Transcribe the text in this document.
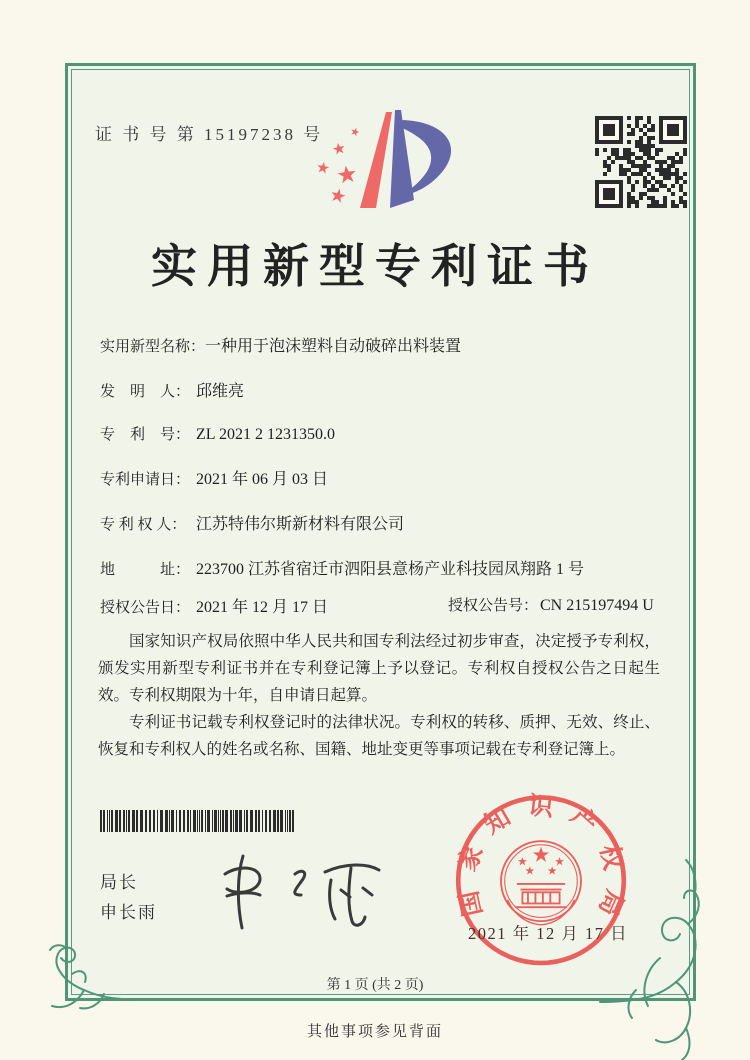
证 书 号 第 15197238 号
实用新型专利证书
实用新型名称：一种用于泡沫塑料自动破碎出料装置
发　明　人： 邱维亮
专　利　号： ZL 2021 2 1231350.0
专利申请日： 2021 年 06 月 03 日
专 利 权 人： 江苏特伟尔斯新材料有限公司
地　　　址： 223700 江苏省宿迁市泗阳县意杨产业科技园凤翔路 1 号
授权公告日： 2021 年 12 月 17 日	授权公告号： CN 215197494 U

国家知识产权局依照中华人民共和国专利法经过初步审查，决定授予专利权，颁发实用新型专利证书并在专利登记簿上予以登记。专利权自授权公告之日起生效。专利权期限为十年，自申请日起算。

专利证书记载专利权登记时的法律状况。专利权的转移、质押、无效、终止、恢复和专利权人的姓名或名称、国籍、地址变更等事项记载在专利登记簿上。

局长
申长雨	国家知识产权局
2021 年 12 月 17 日
第 1 页 (共 2 页)
其他事项参见背面
